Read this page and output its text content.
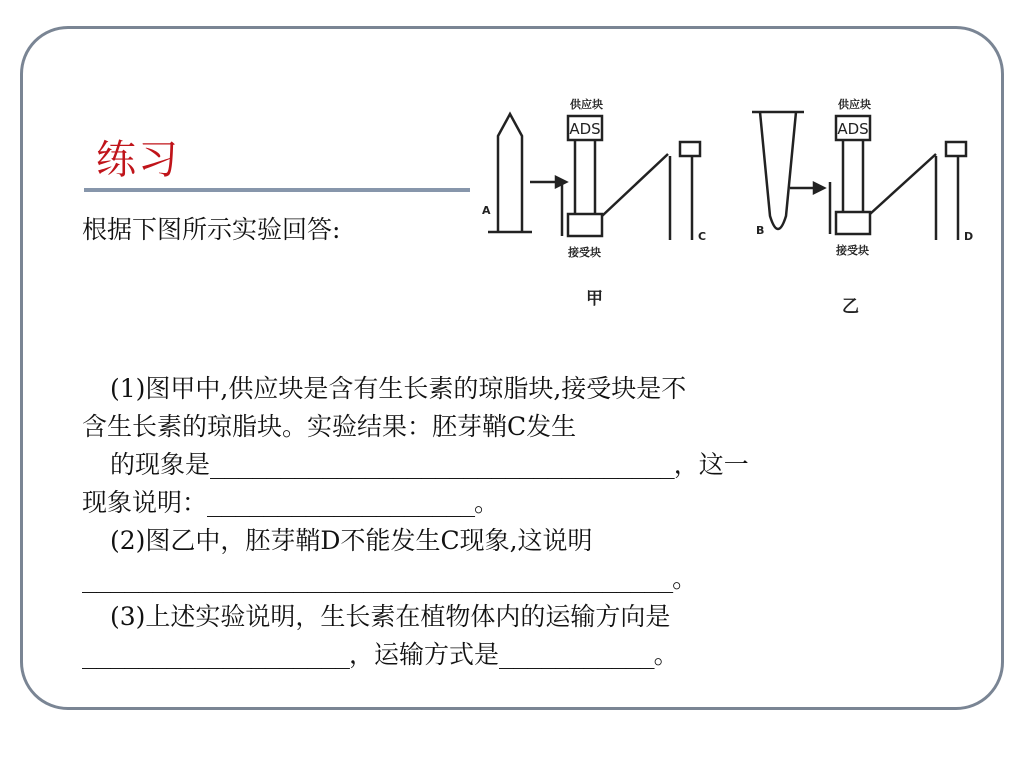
练习
根据下图所示实验回答:
ADS
供应块
接受块
A
C
甲
ADS
供应块
接受块
B	D
乙

(1)图甲中,供应块是含有生长素的琼脂块,接受块是不

含生长素的琼脂块。实验结果：胚芽鞘C发生

的现象是_________________________________，这一

现象说明：___________________。

(2)图乙中，胚芽鞘D不能发生C现象,这说明

__________________________________________。

(3)上述实验说明，生长素在植物体内的运输方向是

___________________，运输方式是___________。
